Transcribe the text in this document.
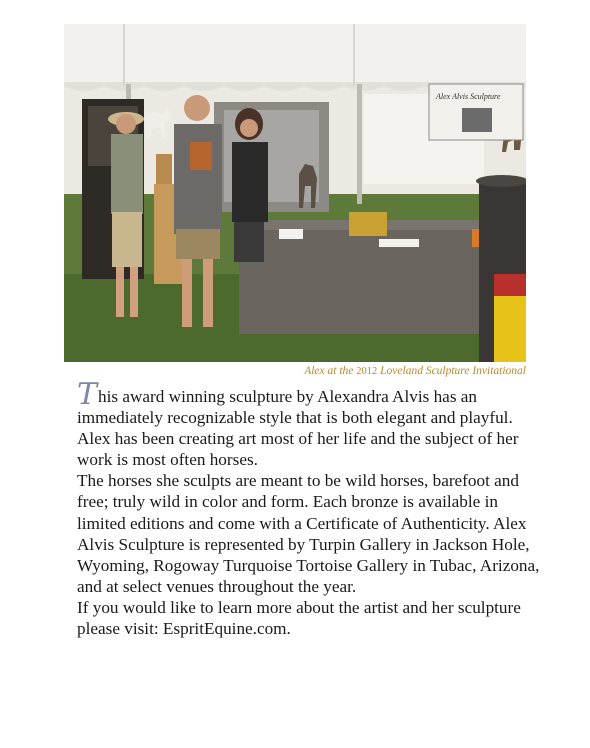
Alex Alvis Sculpture
Alex at the 2012 Loveland Sculpture Invitational

This award winning sculpture by Alexandra Alvis has an immediately recognizable style that is both elegant and playful. Alex has been creating art most of her life and the subject of her work is most often horses.

The horses she sculpts are meant to be wild horses, barefoot and free; truly wild in color and form. Each bronze is available in limited editions and come with a Certificate of Authenticity. Alex Alvis Sculpture is represented by Turpin Gallery in Jackson Hole, Wyoming, Rogoway Turquoise Tortoise Gallery in Tubac, Arizona, and at select venues throughout the year.

If you would like to learn more about the artist and her sculpture please visit: EspritEquine.com.
